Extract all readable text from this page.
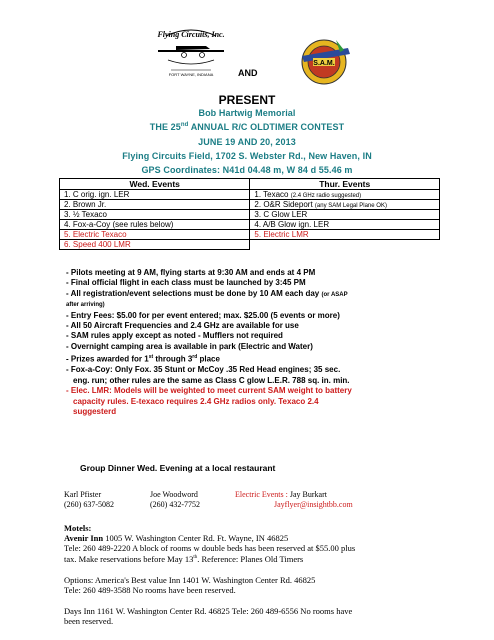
Flying Circuits, Inc.
FORT WAYNE, INDIANA	AND
S.A.M.
PRESENT
Bob Hartwig Memorial
THE 25nd ANNUAL R/C OLDTIMER CONTEST
JUNE 19 AND 20, 2013
Flying Circuits Field, 1702 S. Webster Rd., New Haven, IN
GPS Coordinates: N41d 04.48 m, W 84 d 55.46 m
Wed. Events	Thur. Events
1. C orig. ign. LER	1. Texaco (2.4 GHz radio suggested)
2. Brown Jr.	2. O&R Sideport (any SAM Legal Plane OK)
3. ½ Texaco	3. C Glow LER
4. Fox-a-Coy (see rules below)	4. A/B Glow ign. LER
5. Electric Texaco	5. Electric LMR
6. Speed 400 LMR	
- Pilots meeting at 9 AM, flying starts at 9:30 AM and ends at 4 PM
- Final official flight in each class must be launched by 3:45 PM
- All registration/event selections must be done by 10 AM each day (or ASAP
after arriving)
- Entry Fees: $5.00 for per event entered; max. $25.00 (5 events or more)
- All 50 Aircraft Frequencies and 2.4 GHz are available for use
- SAM rules apply except as noted - Mufflers not required
- Overnight camping area is available in park (Electric and Water)
- Prizes awarded for 1st through 3rd place
- Fox-a-Coy: Only Fox. 35 Stunt or McCoy .35 Red Head engines; 35 sec.
eng. run; other rules are the same as Class C glow L.E.R. 788 sq. in. min.
- Elec. LMR: Models will be weighted to meet current SAM weight to battery
capacity rules. E-texaco requires 2.4 GHz radios only. Texaco 2.4
suggesterd
Group Dinner Wed. Evening at a local restaurant
Karl Pfister
(260) 637-5082
Joe Woodword
(260) 432-7752
Electric Events : Jay Burkart
Jayflyer@insightbb.com
Motels:
Avenir Inn 1005 W. Washington Center Rd. Ft. Wayne, IN 46825
Tele: 260 489-2220 A block of rooms w double beds has been reserved at $55.00 plus
tax. Make reservations before May 13th. Reference: Planes Old Timers
Options: America's Best value Inn 1401 W. Washington Center Rd. 46825
Tele: 260 489-3588 No rooms have been reserved.
Days Inn 1161 W. Washington Center Rd. 46825 Tele: 260 489-6556 No rooms have
been reserved.
